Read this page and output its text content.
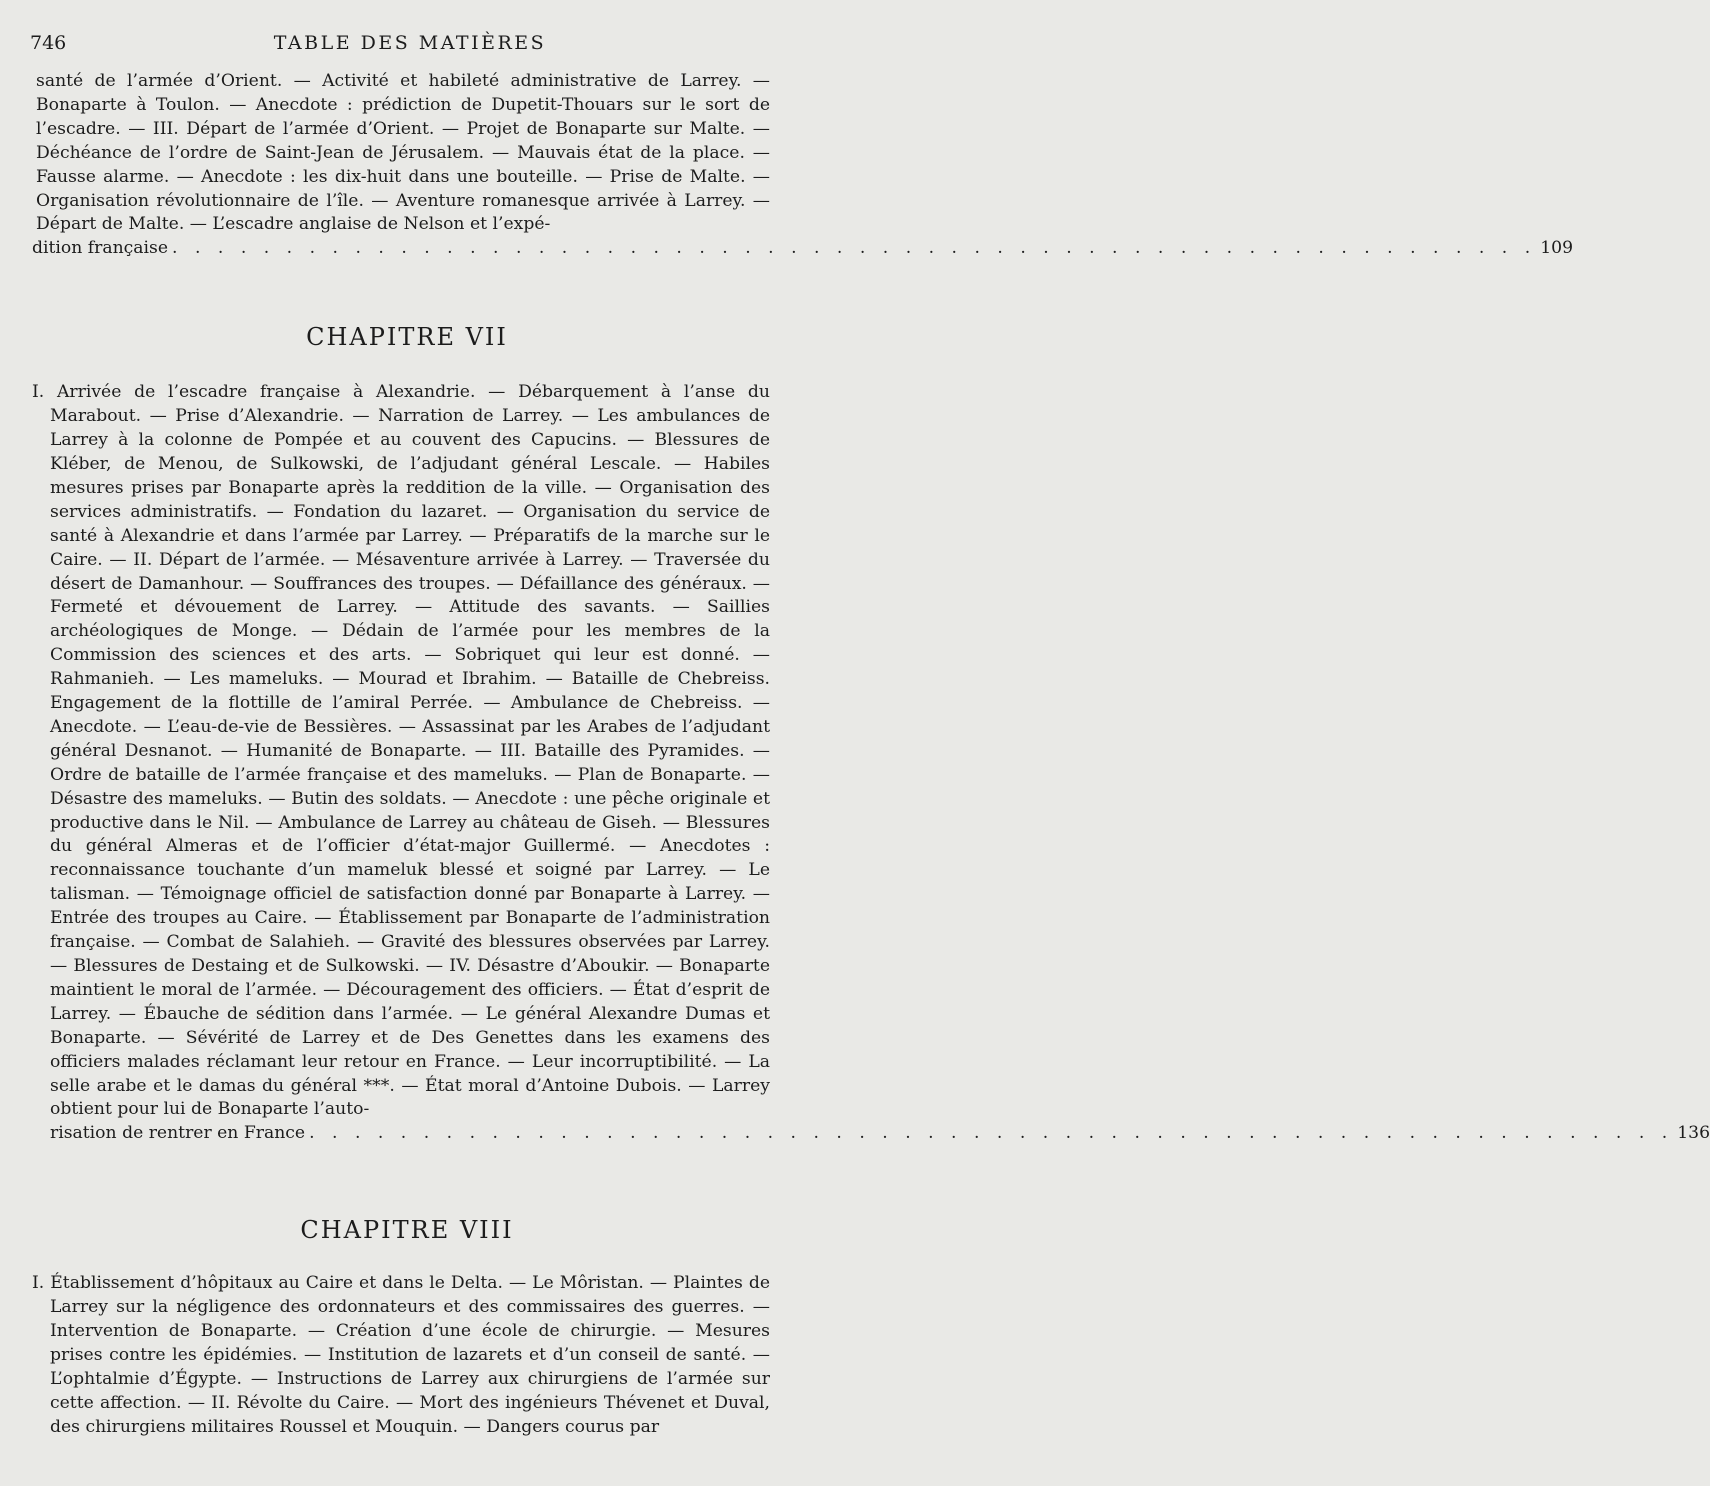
746	TABLE DES MATIÈRES

santé de l’armée d’Orient. — Activité et habileté administrative de Larrey. — Bonaparte à Toulon. — Anecdote : prédiction de Dupetit-Thouars sur le sort de l’escadre. — III. Départ de l’armée d’Orient. — Projet de Bonaparte sur Malte. — Déchéance de l’ordre de Saint-Jean de Jérusalem. — Mauvais état de la place. — Fausse alarme. — Anecdote : les dix-huit dans une bouteille. — Prise de Malte. — Organisation révolutionnaire de l’île. — Aventure romanesque arrivée à Larrey. — Départ de Malte. — L’escadre anglaise de Nelson et l’expé-

dition française . . . . . . . . . . . . . . . . . . . . . . . . . . . . . . . . . . . . . . . . . . . . . . . . . . . . . . . . . . . . 109
CHAPITRE VII

I. Arrivée de l’escadre française à Alexandrie. — Débarquement à l’anse du Marabout. — Prise d’Alexandrie. — Narration de Larrey. — Les ambulances de Larrey à la colonne de Pompée et au couvent des Capucins. — Blessures de Kléber, de Menou, de Sulkowski, de l’adjudant général Lescale. — Habiles mesures prises par Bonaparte après la reddition de la ville. — Organisation des services administratifs. — Fondation du lazaret. — Organisation du service de santé à Alexandrie et dans l’armée par Larrey. — Préparatifs de la marche sur le Caire. — II. Départ de l’armée. — Mésaventure arrivée à Larrey. — Traversée du désert de Damanhour. — Souffrances des troupes. — Défaillance des généraux. — Fermeté et dévouement de Larrey. — Attitude des savants. — Saillies archéologiques de Monge. — Dédain de l’armée pour les membres de la Commission des sciences et des arts. — Sobriquet qui leur est donné. — Rahmanieh. — Les mameluks. — Mourad et Ibrahim. — Bataille de Chebreiss. Engagement de la flottille de l’amiral Perrée. — Ambulance de Chebreiss. — Anecdote. — L’eau-de-vie de Bessières. — Assassinat par les Arabes de l’adjudant général Desnanot. — Humanité de Bonaparte. — III. Bataille des Pyramides. — Ordre de bataille de l’armée française et des mameluks. — Plan de Bonaparte. — Désastre des mameluks. — Butin des soldats. — Anecdote : une pêche originale et productive dans le Nil. — Ambulance de Larrey au château de Giseh. — Blessures du général Almeras et de l’officier d’état-major Guillermé. — Anecdotes : reconnaissance touchante d’un mameluk blessé et soigné par Larrey. — Le talisman. — Témoignage officiel de satisfaction donné par Bonaparte à Larrey. — Entrée des troupes au Caire. — Établissement par Bonaparte de l’administration française. — Combat de Salahieh. — Gravité des blessures observées par Larrey. — Blessures de Destaing et de Sulkowski. — IV. Désastre d’Aboukir. — Bonaparte maintient le moral de l’armée. — Découragement des officiers. — État d’esprit de Larrey. — Ébauche de sédition dans l’armée. — Le général Alexandre Dumas et Bonaparte. — Sévérité de Larrey et de Des Genettes dans les examens des officiers malades réclamant leur retour en France. — Leur incorruptibilité. — La selle arabe et le damas du général ***. — État moral d’Antoine Dubois. — Larrey obtient pour lui de Bonaparte l’auto-

risation de rentrer en France . . . . . . . . . . . . . . . . . . . . . . . . . . . . . . . . . . . . . . . . . . . . . . . . . . . . . . . . . . . . 136
CHAPITRE VIII

I. Établissement d’hôpitaux au Caire et dans le Delta. — Le Môristan. — Plaintes de Larrey sur la négligence des ordonnateurs et des commissaires des guerres. — Intervention de Bonaparte. — Création d’une école de chirurgie. — Mesures prises contre les épidémies. — Institution de lazarets et d’un conseil de santé. — L’ophtalmie d’Égypte. — Instructions de Larrey aux chirurgiens de l’armée sur cette affection. — II. Révolte du Caire. — Mort des ingénieurs Thévenet et Duval, des chirurgiens militaires Roussel et Mouquin. — Dangers courus par
